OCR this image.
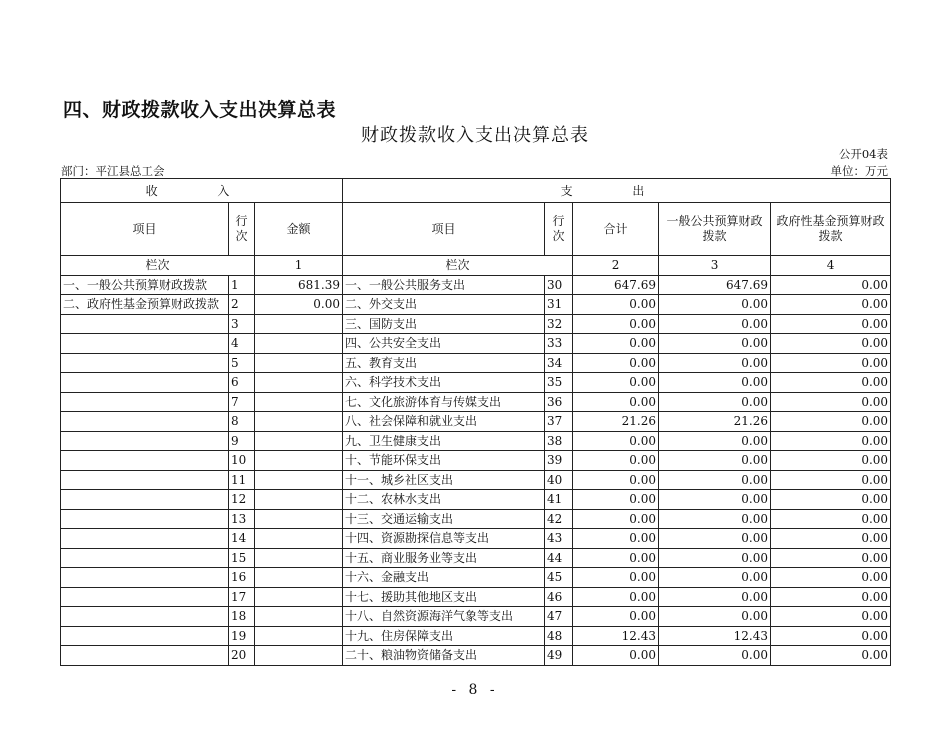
四、财政拨款收入支出决算总表
财政拨款收入支出决算总表
公开04表
部门：平江县总工会	单位：万元
收 入			支 出				
项目	行次	金额	项目	行次	合计	一般公共预算财政拨款	政府性基金预算财政拨款
栏次		1	栏次		2	3	4
一、一般公共预算财政拨款	1	681.39	一、一般公共服务支出	30	647.69	647.69	0.00
二、政府性基金预算财政拨款	2	0.00	二、外交支出	31	0.00	0.00	0.00
	3		三、国防支出	32	0.00	0.00	0.00
	4		四、公共安全支出	33	0.00	0.00	0.00
	5		五、教育支出	34	0.00	0.00	0.00
	6		六、科学技术支出	35	0.00	0.00	0.00
	7		七、文化旅游体育与传媒支出	36	0.00	0.00	0.00
	8		八、社会保障和就业支出	37	21.26	21.26	0.00
	9		九、卫生健康支出	38	0.00	0.00	0.00
	10		十、节能环保支出	39	0.00	0.00	0.00
	11		十一、城乡社区支出	40	0.00	0.00	0.00
	12		十二、农林水支出	41	0.00	0.00	0.00
	13		十三、交通运输支出	42	0.00	0.00	0.00
	14		十四、资源勘探信息等支出	43	0.00	0.00	0.00
	15		十五、商业服务业等支出	44	0.00	0.00	0.00
	16		十六、金融支出	45	0.00	0.00	0.00
	17		十七、援助其他地区支出	46	0.00	0.00	0.00
	18		十八、自然资源海洋气象等支出	47	0.00	0.00	0.00
	19		十九、住房保障支出	48	12.43	12.43	0.00
	20		二十、粮油物资储备支出	49	0.00	0.00	0.00
- 8 -
